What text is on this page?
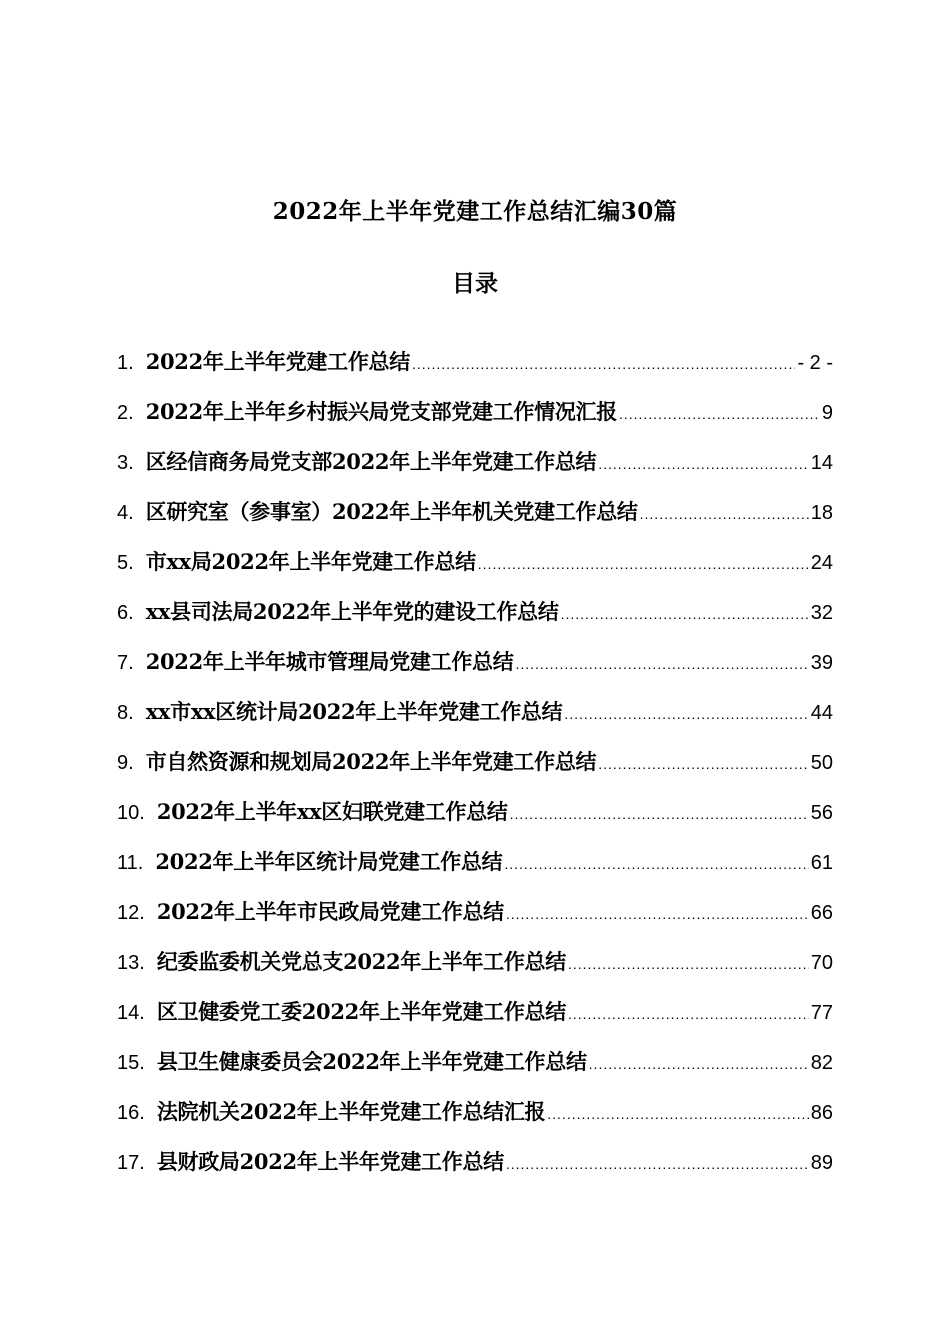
2022年上半年党建工作总结汇编30篇
目录
1. 2022年上半年党建工作总结 .....	- 2 -
2. 2022年上半年乡村振兴局党支部党建工作情况汇报 .....	9
3. 区经信商务局党支部2022年上半年党建工作总结 .....	14
4. 区研究室（参事室）2022年上半年机关党建工作总结 .....	18
5. 市xx局2022年上半年党建工作总结 .....	24
6. xx县司法局2022年上半年党的建设工作总结 .....	32
7. 2022年上半年城市管理局党建工作总结 .....	39
8. xx市xx区统计局2022年上半年党建工作总结 .....	44
9. 市自然资源和规划局2022年上半年党建工作总结 .....	50
10. 2022年上半年xx区妇联党建工作总结 .....	56
11. 2022年上半年区统计局党建工作总结 .....	61
12. 2022年上半年市民政局党建工作总结 .....	66
13. 纪委监委机关党总支2022年上半年工作总结 .....	70
14. 区卫健委党工委2022年上半年党建工作总结 .....	77
15. 县卫生健康委员会2022年上半年党建工作总结 .....	82
16. 法院机关2022年上半年党建工作总结汇报 .....	86
17. 县财政局2022年上半年党建工作总结 .....	89
